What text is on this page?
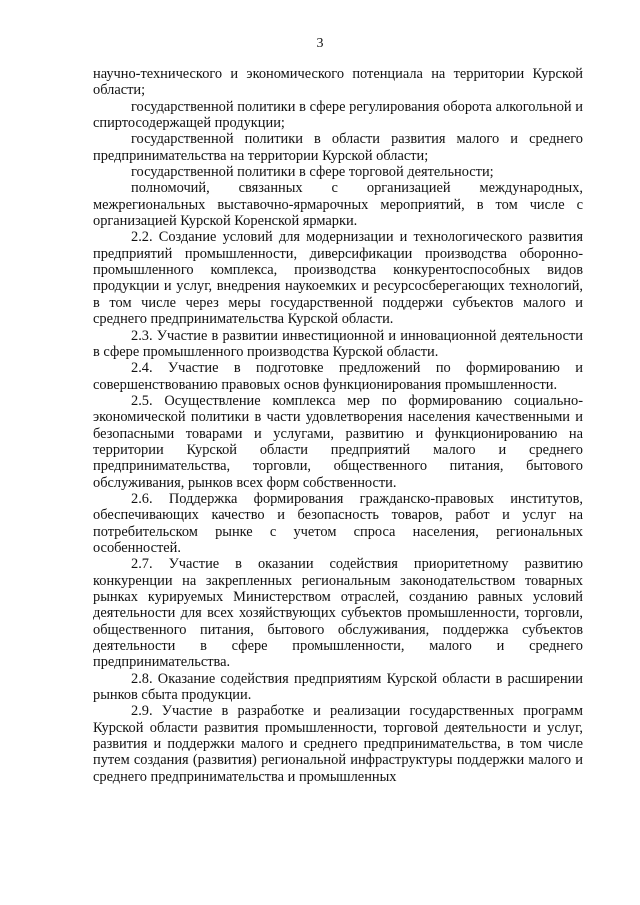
3

научно-технического и экономического потенциала на территории Курской области;

государственной политики в сфере регулирования оборота алкогольной и спиртосодержащей продукции;

государственной политики в области развития малого и среднего предпринимательства на территории Курской области;

государственной политики в сфере торговой деятельности;

полномочий, связанных с организацией международных, межрегиональных выставочно-ярмарочных мероприятий, в том числе с организацией Курской Коренской ярмарки.

2.2. Создание условий для модернизации и технологического развития предприятий промышленности, диверсификации производства оборонно-промышленного комплекса, производства конкурентоспособных видов продукции и услуг, внедрения наукоемких и ресурсосберегающих технологий, в том числе через меры государственной поддержи субъектов малого и среднего предпринимательства Курской области.

2.3. Участие в развитии инвестиционной и инновационной деятельности в сфере промышленного производства Курской области.

2.4. Участие в подготовке предложений по формированию и совершенствованию правовых основ функционирования промышленности.

2.5. Осуществление комплекса мер по формированию социально-экономической политики в части удовлетворения населения качественными и безопасными товарами и услугами, развитию и функционированию на территории Курской области предприятий малого и среднего предпринимательства, торговли, общественного питания, бытового обслуживания, рынков всех форм собственности.

2.6. Поддержка формирования гражданско-правовых институтов, обеспечивающих качество и безопасность товаров, работ и услуг на потребительском рынке с учетом спроса населения, региональных особенностей.

2.7. Участие в оказании содействия приоритетному развитию конкуренции на закрепленных региональным законодательством товарных рынках курируемых Министерством отраслей, созданию равных условий деятельности для всех хозяйствующих субъектов промышленности, торговли, общественного питания, бытового обслуживания, поддержка субъектов деятельности в сфере промышленности, малого и среднего предпринимательства.

2.8. Оказание содействия предприятиям Курской области в расширении рынков сбыта продукции.

2.9. Участие в разработке и реализации государственных программ Курской области развития промышленности, торговой деятельности и услуг, развития и поддержки малого и среднего предпринимательства, в том числе путем создания (развития) региональной инфраструктуры поддержки малого и среднего предпринимательства и промышленных
